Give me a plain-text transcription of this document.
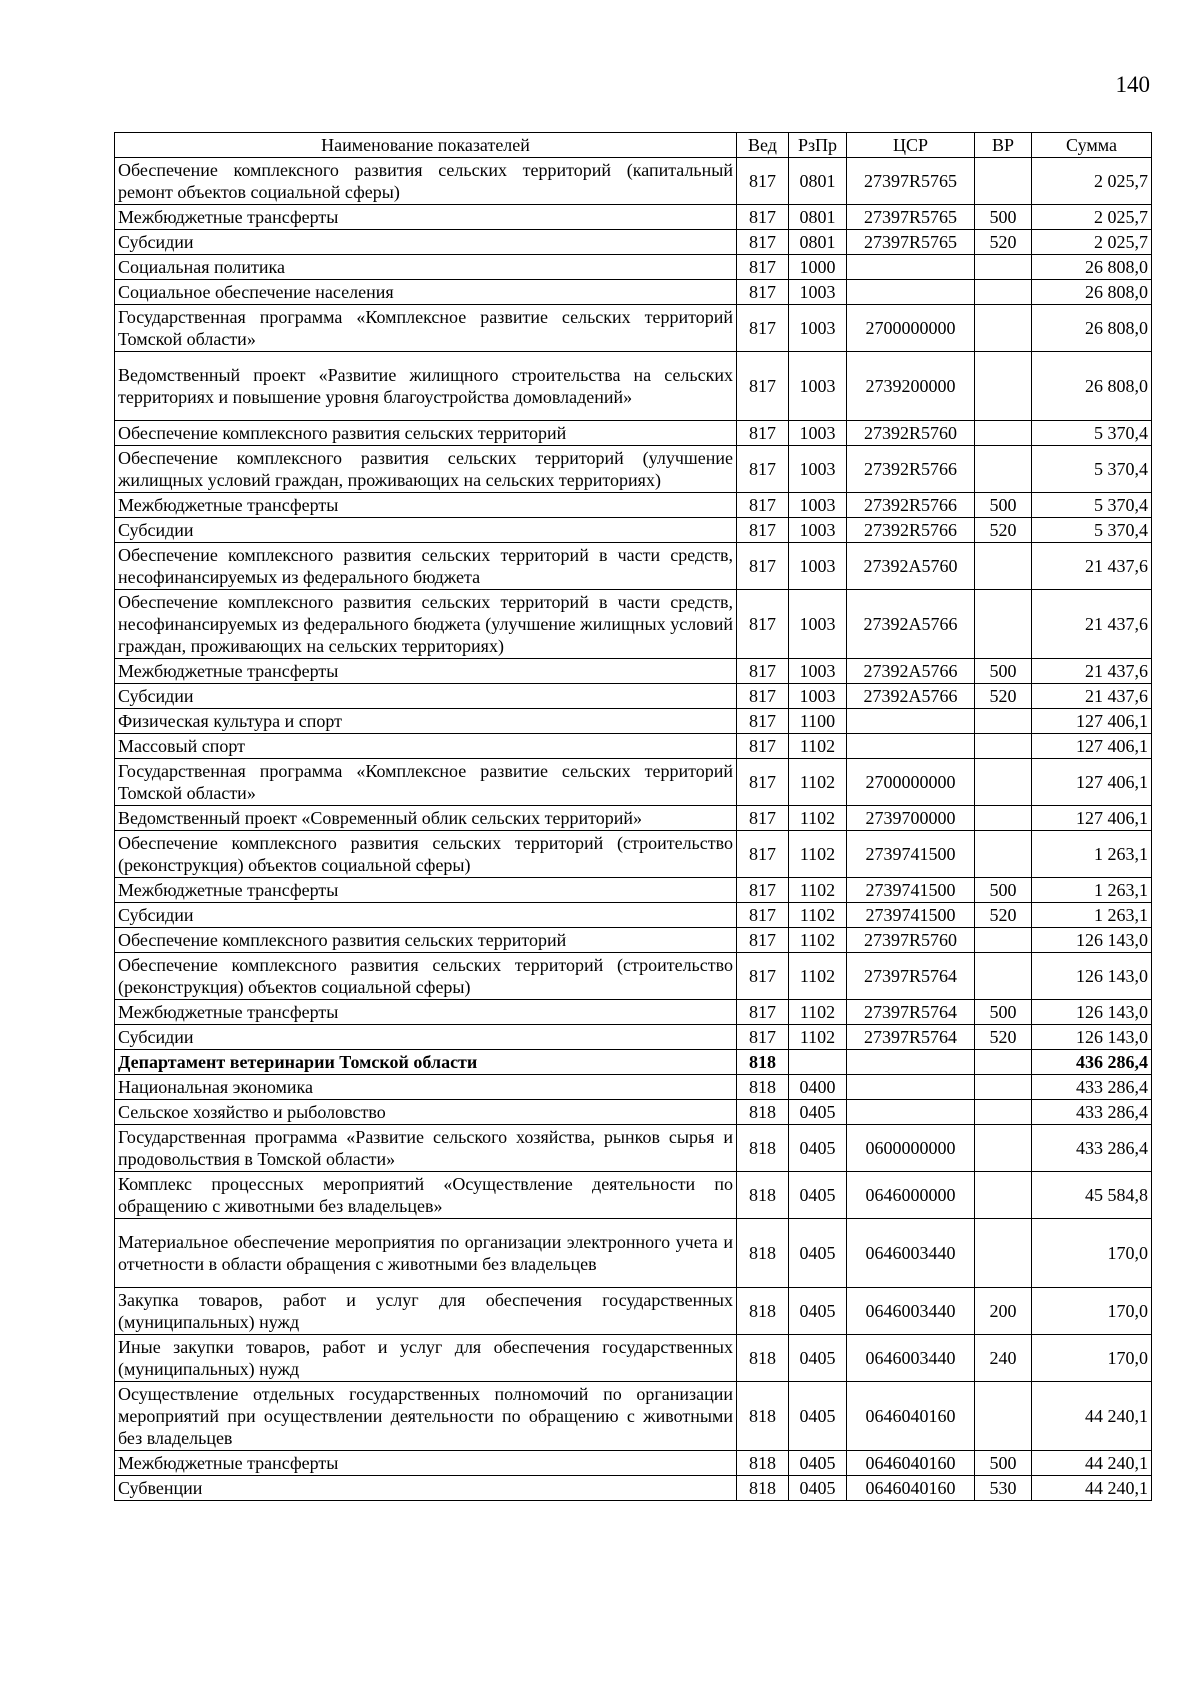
140
Наименование показателей	Вед	РзПр	ЦСР	ВР	Сумма
Обеспечение комплексного развития сельских территорий (капитальный ремонт объектов социальной сферы)	817	0801	27397R5765		2 025,7
Межбюджетные трансферты	817	0801	27397R5765	500	2 025,7
Субсидии	817	0801	27397R5765	520	2 025,7
Социальная политика	817	1000			26 808,0
Социальное обеспечение населения	817	1003			26 808,0
Государственная программа «Комплексное развитие сельских территорий Томской области»	817	1003	2700000000		26 808,0
Ведомственный проект «Развитие жилищного строительства на сельских территориях и повышение уровня благоустройства домовладений»	817	1003	2739200000		26 808,0
Обеспечение комплексного развития сельских территорий	817	1003	27392R5760		5 370,4
Обеспечение комплексного развития сельских территорий (улучшение жилищных условий граждан, проживающих на сельских территориях)	817	1003	27392R5766		5 370,4
Межбюджетные трансферты	817	1003	27392R5766	500	5 370,4
Субсидии	817	1003	27392R5766	520	5 370,4
Обеспечение комплексного развития сельских территорий в части средств, несофинансируемых из федерального бюджета	817	1003	27392A5760		21 437,6
Обеспечение комплексного развития сельских территорий в части средств, несофинансируемых из федерального бюджета (улучшение жилищных условий граждан, проживающих на сельских территориях)	817	1003	27392A5766		21 437,6
Межбюджетные трансферты	817	1003	27392A5766	500	21 437,6
Субсидии	817	1003	27392A5766	520	21 437,6
Физическая культура и спорт	817	1100			127 406,1
Массовый спорт	817	1102			127 406,1
Государственная программа «Комплексное развитие сельских территорий Томской области»	817	1102	2700000000		127 406,1
Ведомственный проект «Современный облик сельских территорий»	817	1102	2739700000		127 406,1
Обеспечение комплексного развития сельских территорий (строительство (реконструкция) объектов социальной сферы)	817	1102	2739741500		1 263,1
Межбюджетные трансферты	817	1102	2739741500	500	1 263,1
Субсидии	817	1102	2739741500	520	1 263,1
Обеспечение комплексного развития сельских территорий	817	1102	27397R5760		126 143,0
Обеспечение комплексного развития сельских территорий (строительство (реконструкция) объектов социальной сферы)	817	1102	27397R5764		126 143,0
Межбюджетные трансферты	817	1102	27397R5764	500	126 143,0
Субсидии	817	1102	27397R5764	520	126 143,0
Департамент ветеринарии Томской области	818				436 286,4
Национальная экономика	818	0400			433 286,4
Сельское хозяйство и рыболовство	818	0405			433 286,4
Государственная программа «Развитие сельского хозяйства, рынков сырья и продовольствия в Томской области»	818	0405	0600000000		433 286,4
Комплекс процессных мероприятий «Осуществление деятельности по обращению с животными без владельцев»	818	0405	0646000000		45 584,8
Материальное обеспечение мероприятия по организации электронного учета и отчетности в области обращения с животными без владельцев	818	0405	0646003440		170,0
Закупка товаров, работ и услуг для обеспечения государственных (муниципальных) нужд	818	0405	0646003440	200	170,0
Иные закупки товаров, работ и услуг для обеспечения государственных (муниципальных) нужд	818	0405	0646003440	240	170,0
Осуществление отдельных государственных полномочий по организации мероприятий при осуществлении деятельности по обращению с животными без владельцев	818	0405	0646040160		44 240,1
Межбюджетные трансферты	818	0405	0646040160	500	44 240,1
Субвенции	818	0405	0646040160	530	44 240,1
